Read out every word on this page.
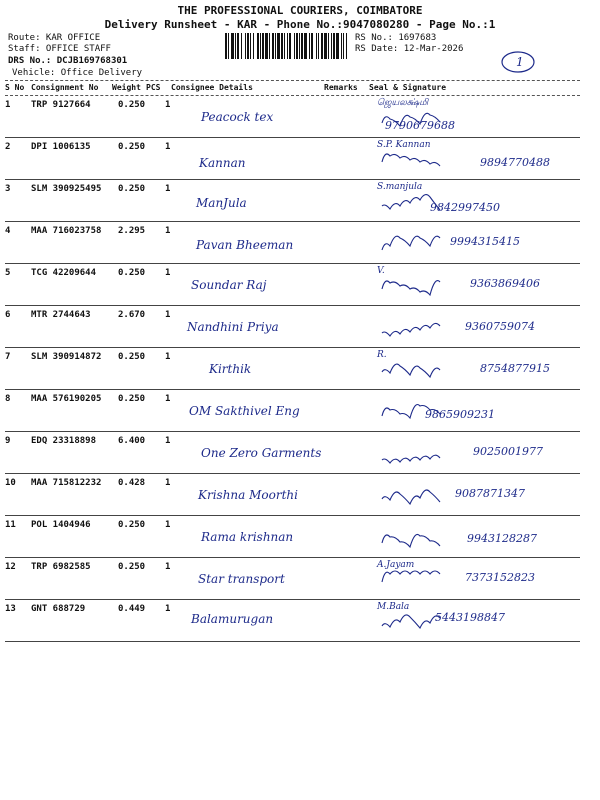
THE PROFESSIONAL COURIERS, COIMBATORE
Delivery Runsheet - KAR - Phone No.:9047080280 - Page No.:1
Route: KAR OFFICE
Staff: OFFICE STAFF
DRS No.: DCJB169768301
Vehicle: Office Delivery
RS No.: 1697683
RS Date: 12-Mar-2026
1
S No Consignment No Weight PCS Consignee Details	Remarks Seal & Signature
1 TRP 9127664	0.250 1
Peacock tex
ஜெயலக்ஷ்மி
9790679688
2 DPI 1006135	0.250 1
Kannan
S.P. Kannan
9894770488
3 SLM 390925495 0.250 1
ManJula
S.manjula
9842997450
4 MAA 716023758 2.295 1
Pavan Bheeman	9994315415
5 TCG 42209644 0.250 1
Soundar Raj
V.
9363869406
6 MTR 2744643	2.670 1
Nandhini Priya	9360759074
7 SLM 390914872 0.250 1
Kirthik
R.
8754877915
8 MAA 576190205 0.250 1
OM Sakthivel Eng	9865909231
9 EDQ 23318898 6.400 1
One Zero Garments	9025001977
10 MAA 715812232 0.428 1
Krishna Moorthi	9087871347
11 POL 1404946	0.250 1
Rama krishnan	9943128287
12 TRP 6982585	0.250 1
Star transport
A.Jayam
7373152823
13 GNT 688729	0.449 1
Balamurugan
M.Bala
5443198847
